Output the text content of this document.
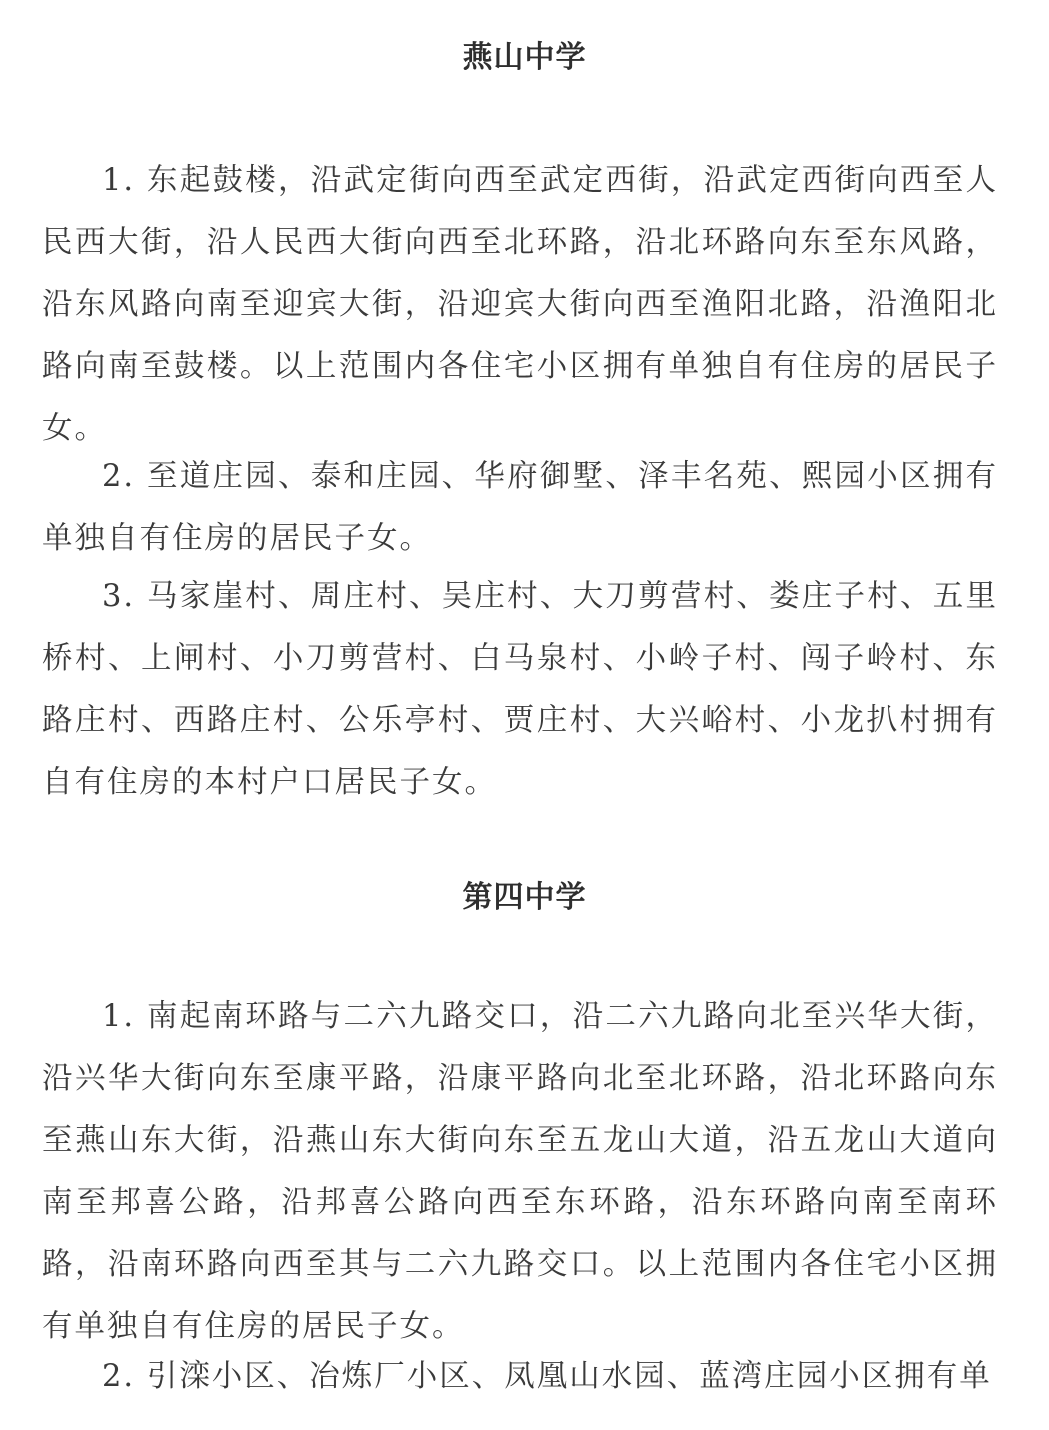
燕山中学

1. 东起鼓楼，沿武定街向西至武定西街，沿武定西街向西至人民西大街，沿人民西大街向西至北环路，沿北环路向东至东风路，沿东风路向南至迎宾大街，沿迎宾大街向西至渔阳北路，沿渔阳北路向南至鼓楼。以上范围内各住宅小区拥有单独自有住房的居民子女。

2. 至道庄园、泰和庄园、华府御墅、泽丰名苑、熙园小区拥有单独自有住房的居民子女。

3. 马家崖村、周庄村、吴庄村、大刀剪营村、娄庄子村、五里桥村、上闸村、小刀剪营村、白马泉村、小岭子村、闯子岭村、东路庄村、西路庄村、公乐亭村、贾庄村、大兴峪村、小龙扒村拥有自有住房的本村户口居民子女。

第四中学

1. 南起南环路与二六九路交口，沿二六九路向北至兴华大街，沿兴华大街向东至康平路，沿康平路向北至北环路，沿北环路向东至燕山东大街，沿燕山东大街向东至五龙山大道，沿五龙山大道向南至邦喜公路，沿邦喜公路向西至东环路，沿东环路向南至南环路，沿南环路向西至其与二六九路交口。以上范围内各住宅小区拥有单独自有住房的居民子女。

2. 引滦小区、冶炼厂小区、凤凰山水园、蓝湾庄园小区拥有单
